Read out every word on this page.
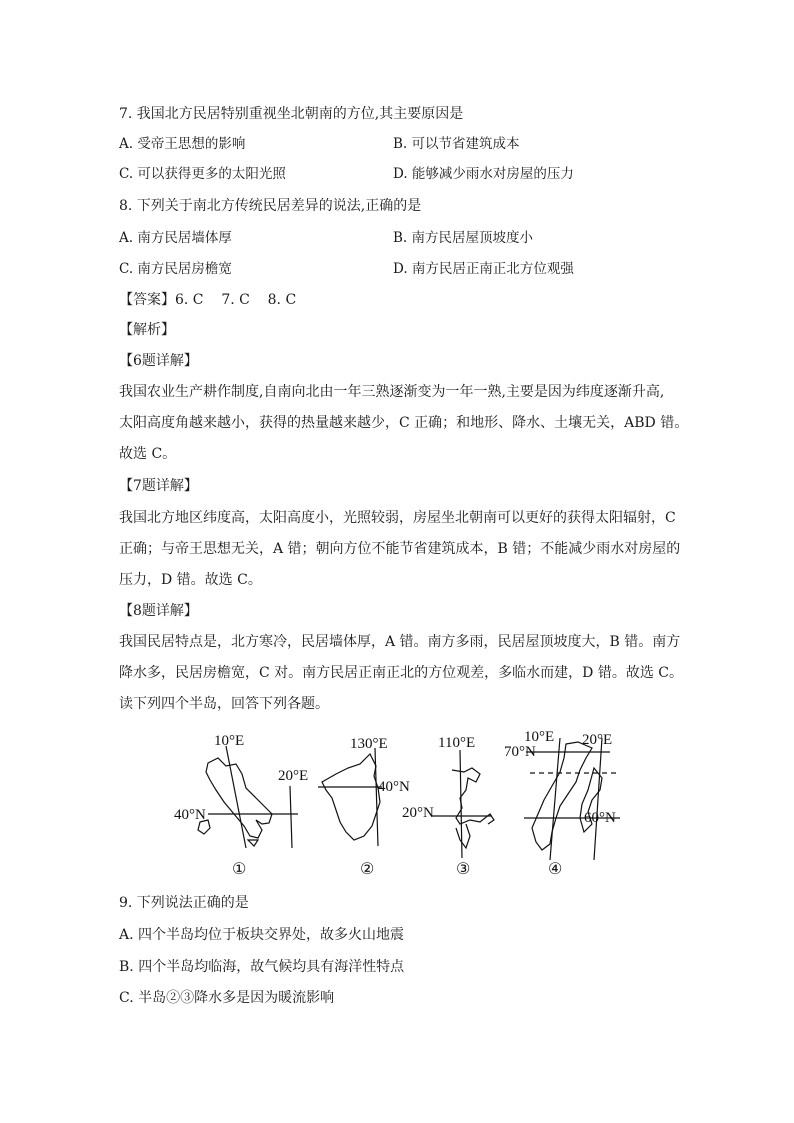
7. 我国北方民居特别重视坐北朝南的方位,其主要原因是
A. 受帝王思想的影响	B. 可以节省建筑成本
C. 可以获得更多的太阳光照	D. 能够减少雨水对房屋的压力
8. 下列关于南北方传统民居差异的说法,正确的是
A. 南方民居墙体厚	B. 南方民居屋顶坡度小
C. 南方民居房檐宽	D. 南方民居正南正北方位观强
【答案】6. C    7. C    8. C
【解析】
【6题详解】
我国农业生产耕作制度,自南向北由一年三熟逐渐变为一年一熟,主要是因为纬度逐渐升高,
太阳高度角越来越小，获得的热量越来越少，C 正确；和地形、降水、土壤无关，ABD 错。
故选 C。
【7题详解】
我国北方地区纬度高，太阳高度小，光照较弱，房屋坐北朝南可以更好的获得太阳辐射，C
正确；与帝王思想无关，A 错；朝向方位不能节省建筑成本，B 错；不能减少雨水对房屋的
压力，D 错。故选 C。
【8题详解】
我国民居特点是，北方寒冷，民居墙体厚，A 错。南方多雨，民居屋顶坡度大，B 错。南方
降水多，民居房檐宽，C 对。南方民居正南正北的方位观差，多临水而建，D 错。故选 C。
读下列四个半岛，回答下列各题。
10°E
20°E
40°N
130°E
40°N
110°E
20°N
10°E 20°E
70°N
60°N
①	②	③	④
9. 下列说法正确的是
A. 四个半岛均位于板块交界处，故多火山地震
B. 四个半岛均临海，故气候均具有海洋性特点
C. 半岛②③降水多是因为暖流影响
